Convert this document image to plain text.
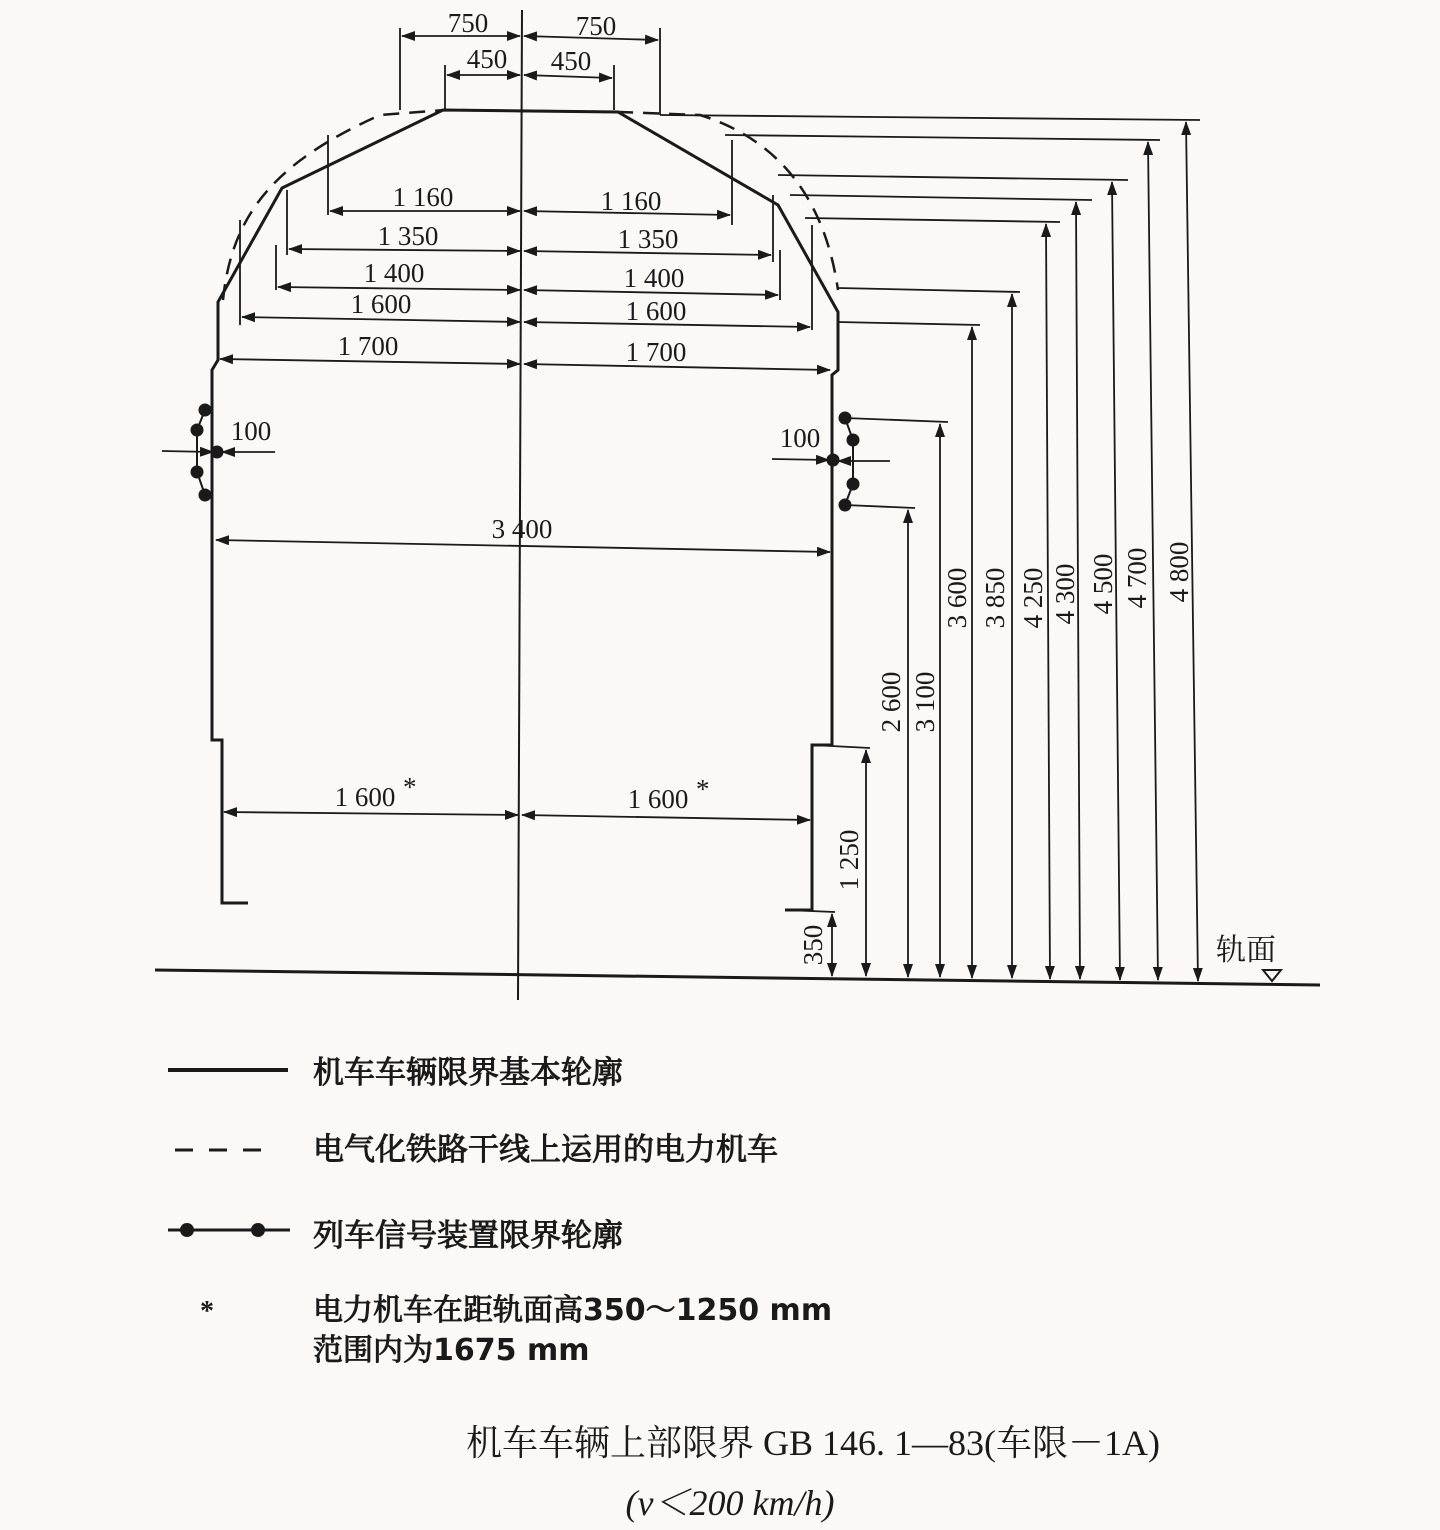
750	750
450 450
1 160	1 160
1 350	1 350
1 400	1 400
1 600	1 600
1 700	1 700
3 400
1 600 *	1 600 *
100	100
350
1 250
2 600 3 100
3 600 3 850 4 250 4 300 4 500 4 700 4 800
轨面
机车车辆限界基本轮廓
电气化铁路干线上运用的电力机车
列车信号装置限界轮廓
*	电力机车在距轨面高350～1250 mm
范围内为1675 mm
机车车辆上部限界 GB 146. 1—83(车限－1A)
(v＜200 km/h)
